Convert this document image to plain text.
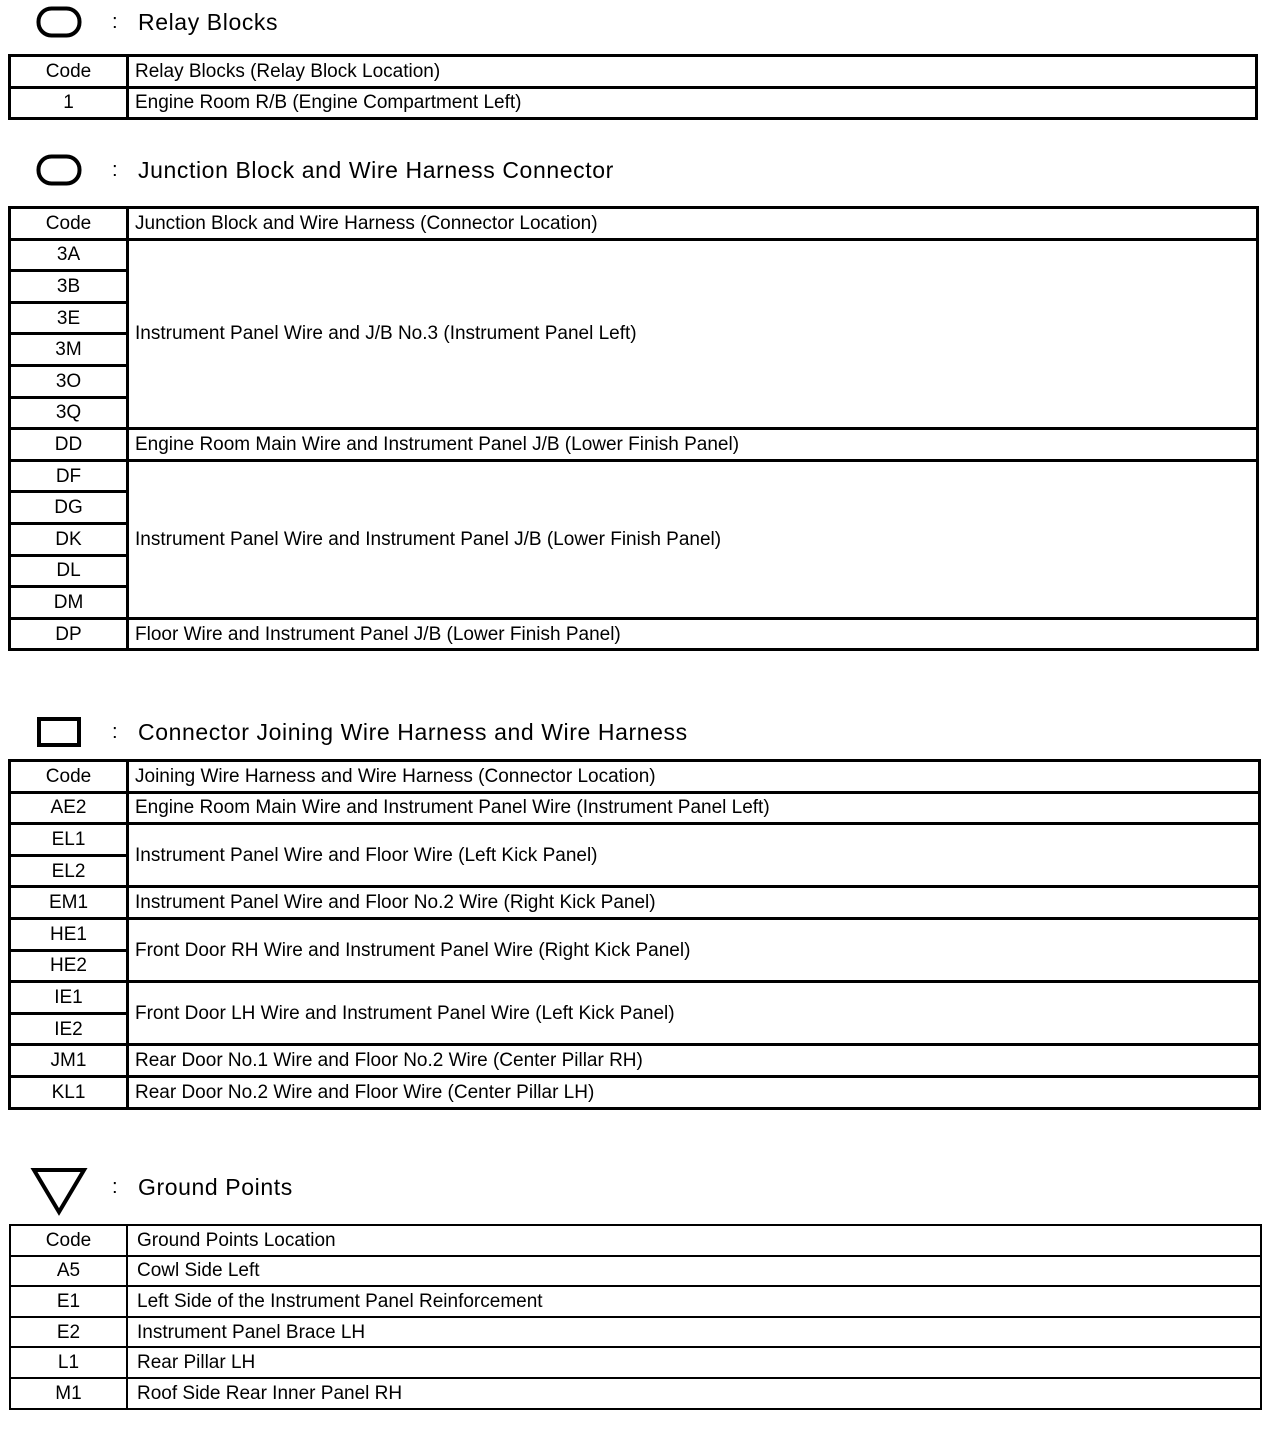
: Relay Blocks
Code	Relay Blocks (Relay Block Location)
1	Engine Room R/B (Engine Compartment Left)
: Junction Block and Wire Harness Connector
Code	Junction Block and Wire Harness (Connector Location)
3A	Instrument Panel Wire and J/B No.3 (Instrument Panel Left)
3B	
3E	
3M	
3O	
3Q	
DD	Engine Room Main Wire and Instrument Panel J/B (Lower Finish Panel)
DF	Instrument Panel Wire and Instrument Panel J/B (Lower Finish Panel)
DG	
DK	
DL	
DM	
DP	Floor Wire and Instrument Panel J/B (Lower Finish Panel)
: Connector Joining Wire Harness and Wire Harness
Code	Joining Wire Harness and Wire Harness (Connector Location)
AE2	Engine Room Main Wire and Instrument Panel Wire (Instrument Panel Left)
EL1	Instrument Panel Wire and Floor Wire (Left Kick Panel)
EL2	
EM1	Instrument Panel Wire and Floor No.2 Wire (Right Kick Panel)
HE1	Front Door RH Wire and Instrument Panel Wire (Right Kick Panel)
HE2	
IE1	Front Door LH Wire and Instrument Panel Wire (Left Kick Panel)
IE2	
JM1	Rear Door No.1 Wire and Floor No.2 Wire (Center Pillar RH)
KL1	Rear Door No.2 Wire and Floor Wire (Center Pillar LH)
: Ground Points
Code	Ground Points Location
A5	Cowl Side Left
E1	Left Side of the Instrument Panel Reinforcement
E2	Instrument Panel Brace LH
L1	Rear Pillar LH
M1	Roof Side Rear Inner Panel RH
